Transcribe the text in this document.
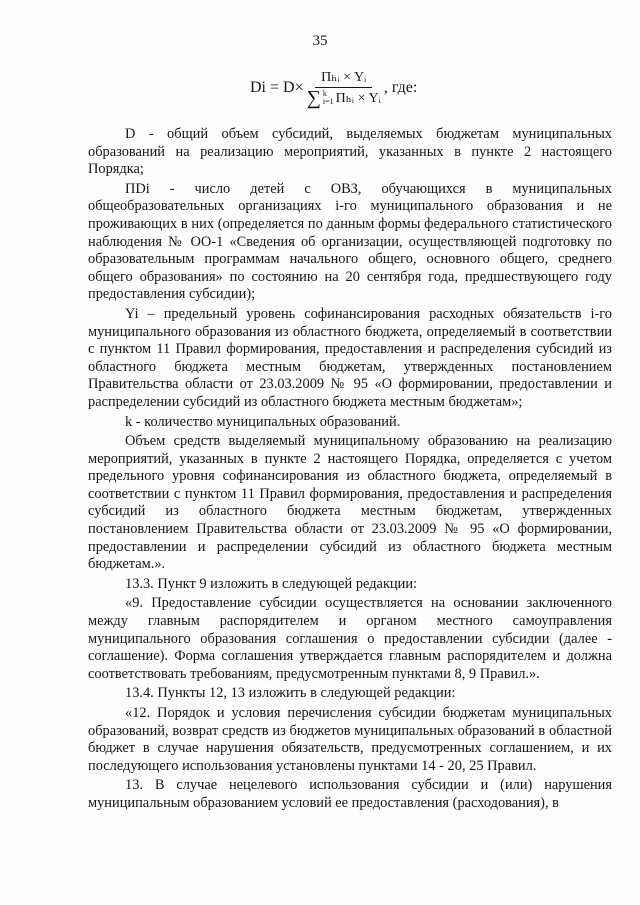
35
Di = D×
Пₕᵢ × Yᵢ
∑ k
i=1 Пₕᵢ × Yᵢ
, где:

D - общий объем субсидий, выделяемых бюджетам муниципальных образований на реализацию мероприятий, указанных в пункте 2 настоящего Порядка;

ПDi - число детей с ОВЗ, обучающихся в муниципальных общеобразовательных организациях i-го муниципального образования и не проживающих в них (определяется по данным формы федерального статистического наблюдения № ОО-1 «Сведения об организации, осуществляющей подготовку по образовательным программам начального общего, основного общего, среднего общего образования» по состоянию на 20 сентября года, предшествующего году предоставления субсидии);

Yi – предельный уровень софинансирования расходных обязательств i-го муниципального образования из областного бюджета, определяемый в соответствии с пунктом 11 Правил формирования, предоставления и распределения субсидий из областного бюджета местным бюджетам, утвержденных постановлением Правительства области от 23.03.2009 № 95 «О формировании, предоставлении и распределении субсидий из областного бюджета местным бюджетам»;

k - количество муниципальных образований.

Объем средств выделяемый муниципальному образованию на реализацию мероприятий, указанных в пункте 2 настоящего Порядка, определяется с учетом предельного уровня софинансирования из областного бюджета, определяемый в соответствии с пунктом 11 Правил формирования, предоставления и распределения субсидий из областного бюджета местным бюджетам, утвержденных постановлением Правительства области от 23.03.2009 № 95 «О формировании, предоставлении и распределении субсидий из областного бюджета местным бюджетам.».

13.3. Пункт 9 изложить в следующей редакции:

«9. Предоставление субсидии осуществляется на основании заключенного между главным распорядителем и органом местного самоуправления муниципального образования соглашения о предоставлении субсидии (далее - соглашение). Форма соглашения утверждается главным распорядителем и должна соответствовать требованиям, предусмотренным пунктами 8, 9 Правил.».

13.4. Пункты 12, 13 изложить в следующей редакции:

«12. Порядок и условия перечисления субсидии бюджетам муниципальных образований, возврат средств из бюджетов муниципальных образований в областной бюджет в случае нарушения обязательств, предусмотренных соглашением, и их последующего использования установлены пунктами 14 - 20, 25 Правил.

13. В случае нецелевого использования субсидии и (или) нарушения муниципальным образованием условий ее предоставления (расходования), в
